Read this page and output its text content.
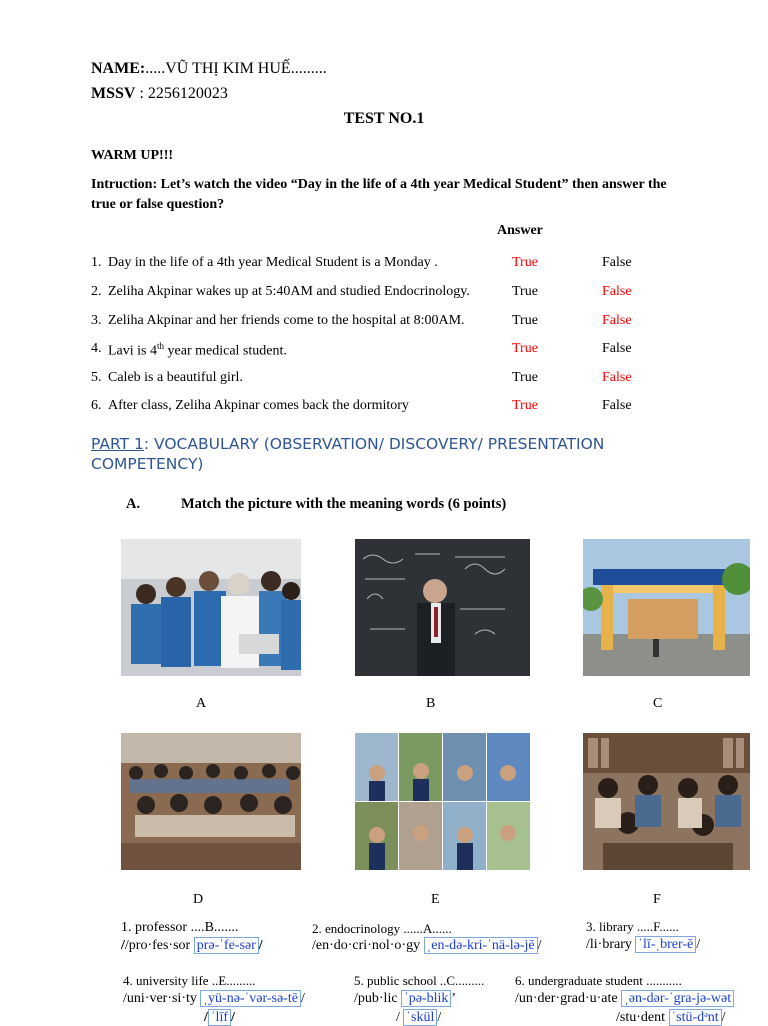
NAME:.....VŨ THỊ KIM HUẾ.........
MSSV : 2256120023
TEST NO.1
WARM UP!!!
Intruction: Let’s watch the video “Day in the life of a 4th year Medical Student” then answer the true or false question?
Answer
1. Day in the life of a 4th year Medical Student is a Monday .	True	False
2. Zeliha Akpinar wakes up at 5:40AM and studied Endocrinology.	True	False
3. Zeliha Akpinar and her friends come to the hospital at 8:00AM.	True	False
4. Lavi is 4th year medical student.	True	False
5. Caleb is a beautiful girl.	True	False
6. After class, Zeliha Akpinar comes back the dormitory	True	False
PART 1: VOCABULARY (OBSERVATION/ DISCOVERY/ PRESENTATION
COMPETENCY)
A.	Match the picture with the meaning words (6 points)
A	B	C
D	E	F
1. professor ....B.......
//pro·fes·sor prə-ˈfe-sər /
2. endocrinology ......A......
/en·do·cri·nol·o·gy ˌen-də-kri-ˈnä-lə-jē /
3. library .....F......
/li·brary ˈlī-ˌbrer-ē /
4. university life ..E.........
/uni·ver·si·ty ˌyü-nə-ˈvər-sə-tē /
/ ˈlīf /
5. public school ..C.........
/pub·lic ˈpə-blik ’
/ ˈskül /
6. undergraduate student ...........
/un·der·grad·u·ate ˌən-dər-ˈgra-jə-wət
/stu·dent ˈstü-dᵊnt /
